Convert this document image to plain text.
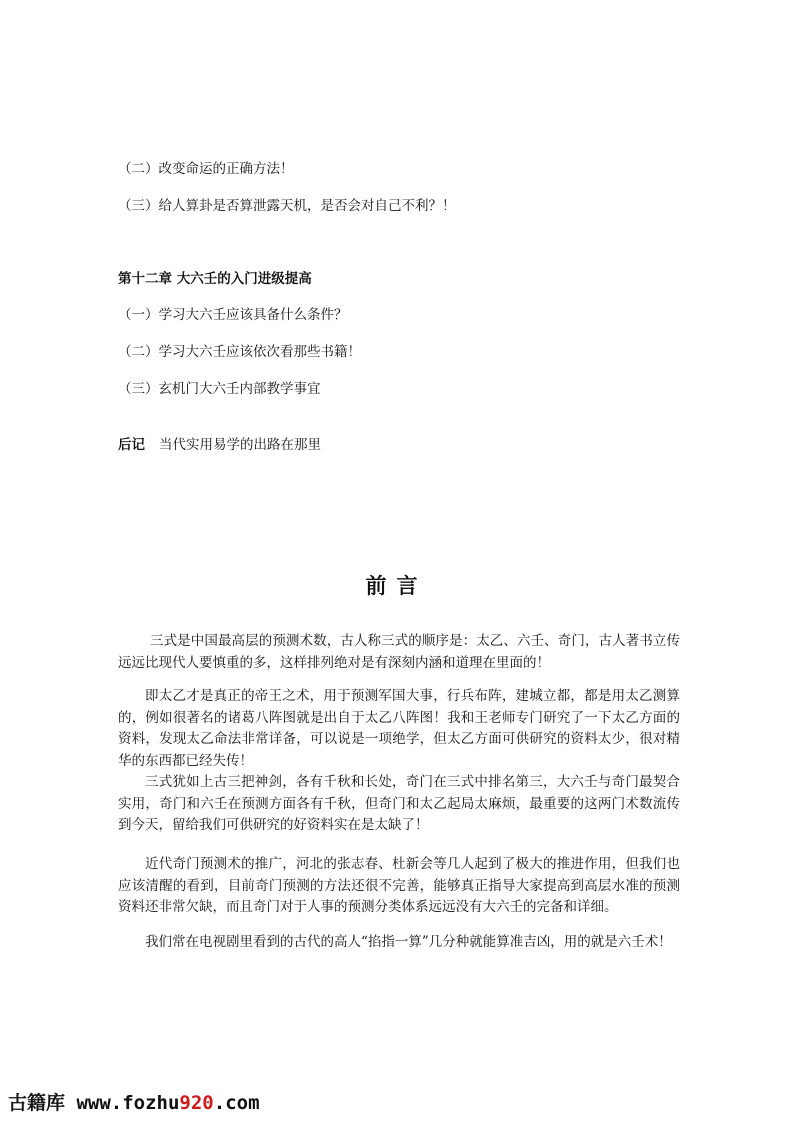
（二）改变命运的正确方法！
（三）给人算卦是否算泄露天机，是否会对自己不利？！
第十二章 大六壬的入门进级提高
（一）学习大六壬应该具备什么条件？
（二）学习大六壬应该依次看那些书籍！
（三）玄机门大六壬内部教学事宜
后记 当代实用易学的出路在那里
前言

三式是中国最高层的预测术数，古人称三式的顺序是：太乙、六壬、奇门，古人著书立传远远比现代人要慎重的多，这样排列绝对是有深刻内涵和道理在里面的！

即太乙才是真正的帝王之术，用于预测军国大事，行兵布阵，建城立都，都是用太乙测算的，例如很著名的诸葛八阵图就是出自于太乙八阵图！我和王老师专门研究了一下太乙方面的资料，发现太乙命法非常详备，可以说是一项绝学，但太乙方面可供研究的资料太少，很对精华的东西都已经失传！

三式犹如上古三把神剑，各有千秋和长处，奇门在三式中排名第三，大六壬与奇门最契合实用，奇门和六壬在预测方面各有千秋，但奇门和太乙起局太麻烦，最重要的这两门术数流传到今天，留给我们可供研究的好资料实在是太缺了！

近代奇门预测术的推广，河北的张志春、杜新会等几人起到了极大的推进作用，但我们也应该清醒的看到，目前奇门预测的方法还很不完善，能够真正指导大家提高到高层水准的预测资料还非常欠缺，而且奇门对于人事的预测分类体系远远没有大六壬的完备和详细。

我们常在电视剧里看到的古代的高人“掐指一算”几分种就能算准吉凶，用的就是六壬术！

古籍库 www.fozhu920.com
